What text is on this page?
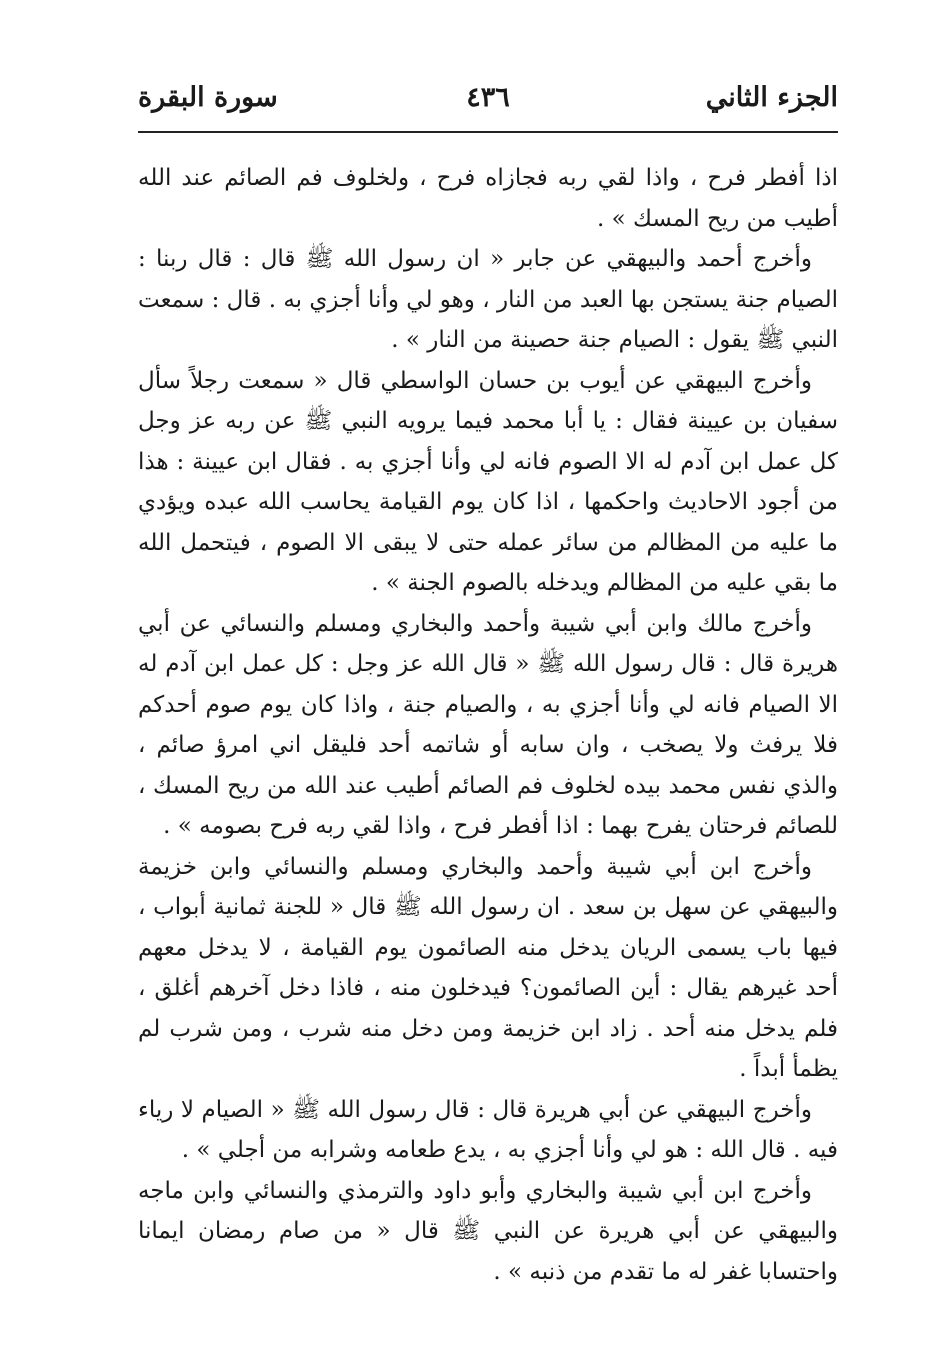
الجزء الثاني
٤٣٦
سورة البقرة

اذا أفطر فرح ، واذا لقي ربه فجازاه فرح ، ولخلوف فم الصائم عند الله أطيب من ريح المسك » .

وأخرج أحمد والبيهقي عن جابر « ان رسول الله ﷺ قال : قال ربنا : الصيام جنة يستجن بها العبد من النار ، وهو لي وأنا أجزي به . قال : سمعت النبي ﷺ يقول : الصيام جنة حصينة من النار » .

وأخرج البيهقي عن أيوب بن حسان الواسطي قال « سمعت رجلاً سأل سفيان بن عيينة فقال : يا أبا محمد فيما يرويه النبي ﷺ عن ربه عز وجل كل عمل ابن آدم له الا الصوم فانه لي وأنا أجزي به . فقال ابن عيينة : هذا من أجود الاحاديث واحكمها ، اذا كان يوم القيامة يحاسب الله عبده ويؤدي ما عليه من المظالم من سائر عمله حتى لا يبقى الا الصوم ، فيتحمل الله ما بقي عليه من المظالم ويدخله بالصوم الجنة » .

وأخرج مالك وابن أبي شيبة وأحمد والبخاري ومسلم والنسائي عن أبي هريرة قال : قال رسول الله ﷺ « قال الله عز وجل : كل عمل ابن آدم له الا الصيام فانه لي وأنا أجزي به ، والصيام جنة ، واذا كان يوم صوم أحدكم فلا يرفث ولا يصخب ، وان سابه أو شاتمه أحد فليقل اني امرؤ صائم ، والذي نفس محمد بيده لخلوف فم الصائم أطيب عند الله من ريح المسك ، للصائم فرحتان يفرح بهما : اذا أفطر فرح ، واذا لقي ربه فرح بصومه » .

وأخرج ابن أبي شيبة وأحمد والبخاري ومسلم والنسائي وابن خزيمة والبيهقي عن سهل بن سعد . ان رسول الله ﷺ قال « للجنة ثمانية أبواب ، فيها باب يسمى الريان يدخل منه الصائمون يوم القيامة ، لا يدخل معهم أحد غيرهم يقال : أين الصائمون؟ فيدخلون منه ، فاذا دخل آخرهم أغلق ، فلم يدخل منه أحد . زاد ابن خزيمة ومن دخل منه شرب ، ومن شرب لم يظمأ أبداً .

وأخرج البيهقي عن أبي هريرة قال : قال رسول الله ﷺ « الصيام لا رياء فيه . قال الله : هو لي وأنا أجزي به ، يدع طعامه وشرابه من أجلي » .

وأخرج ابن أبي شيبة والبخاري وأبو داود والترمذي والنسائي وابن ماجه والبيهقي عن أبي هريرة عن النبي ﷺ قال « من صام رمضان ايمانا واحتسابا غفر له ما تقدم من ذنبه » .
